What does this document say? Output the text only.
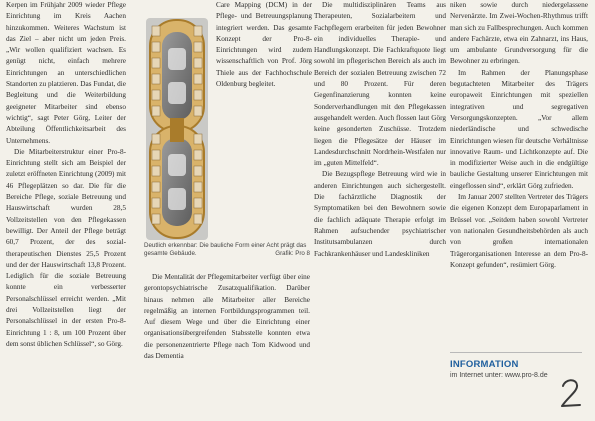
Kerpen im Frühjahr 2009 wieder Pflege Einrichtung im Kreis Aachen hinzukommen. Weiteres Wachstum ist das Ziel – aber nicht um jeden Preis. „Wir wollen qualifiziert wachsen. Es genügt nicht, einfach mehrere Einrichtungen an unterschiedlichen Standorten zu platzieren. Das Fundat, die Begleitung und die Weiterbildung geeigneter Mitarbeiter sind ebenso wichtig“, sagt Peter Görg, Leiter der Abteilung Öffentlichkeitsarbeit des Unternehmens.

Die Mitarbeiterstruktur einer Pro-8-Einrichtung stellt sich am Beispiel der zuletzt eröffneten Einrichtung (2009) mit 46 Pflegeplätzen so dar. Die für die Bereiche Pflege, soziale Betreuung und Hauswirtschaft wurden 28,5 Vollzeitstellen von den Pflegekassen bewilligt. Der Anteil der Pflege beträgt 60,7 Prozent, der des sozial-therapeutischen Dienstes 25,5 Prozent und der der Hauswirtschaft 13,8 Prozent. Lediglich für die soziale Betreuung konnte ein verbesserter Personalschlüssel erreicht werden. „Mit drei Vollzeitstellen liegt der Personalschlüssel in der ersten Pro-8-Einrichtung 1 : 8, um 100 Prozent über dem sonst üblichen Schlüssel“, so Görg.

Deutlich erkennbar: Die bauliche Form einer Acht prägt das gesamte Gebäude.	Grafik: Pro 8

Care Mapping (DCM) in der Pflege- und Betreuungsplanung integriert werden. Das gesamte Konzept der Pro-8-Einrichtungen wird zudem wissenschaftlich von Prof. Jörg Thiele aus der Fachhochschule Oldenburg begleitet.

Die Mentalität der Pflegemitarbeiter verfügt über eine gerontopsychiatrische Zusatzqualifikation. Darüber hinaus nehmen alle Mitarbeiter aller Bereiche regelmäßig an internen Fortbildungsprogrammen teil. Auf diesem Wege und über die Einrichtung einer organisationsübergreifenden Stabsstelle konnten etwa die personenzentrierte Pflege nach Tom Kidwood und das Dementia

Die multidisziplinären Teams aus Therapeuten, Sozialarbeitern und Fachpflegern erarbeiten für jeden Bewohner ein individuelles Therapie- und Handlungskonzept. Die Fachkraftquote liegt sowohl im pflegerischen Bereich als auch im Bereich der sozialen Betreuung zwischen 72 und 80 Prozent. Für deren Gegenfinanzierung konnten keine Sonderverhandlungen mit den Pflegekassen ausgehandelt werden. Auch flossen laut Görg keine gesonderten Zuschüsse. Trotzdem liegen die Pflegesätze der Häuser im Landesdurchschnitt Nordrhein-Westfalen nur im „guten Mittelfeld“.

Die Bezugspflege Betreuung wird wie in anderen Einrichtungen auch sichergestellt. Die fachärztliche Diagnostik der Symptomatiken bei den Bewohnern sowie die fachlich adäquate Therapie erfolgt im Rahmen aufsuchender psychiatrischer Institutsambulanzen durch Fachkrankenhäuser und Landeskliniken

niken sowie durch niedergelassene Nervenärzte. Im Zwei-Wochen-Rhythmus trifft man sich zu Fallbesprechungen. Auch kommen andere Fachärzte, etwa ein Zahnarzt, ins Haus, um ambulante Grundversorgung für die Bewohner zu erbringen.

Im Rahmen der Planungsphase begutachteten Mitarbeiter des Trägers europaweit Einrichtungen mit speziellen integrativen und segregativen Versorgungskonzepten. „Vor allem niederländische und schwedische Einrichtungen wiesen für deutsche Verhältnisse innovative Raum- und Lichtkonzepte auf. Die in modifizierter Weise auch in die endgültige bauliche Gestaltung unserer Einrichtungen mit eingeflossen sind“, erklärt Görg zufrieden.

Im Januar 2007 stellten Vertreter des Trägers die eigenen Konzept dem Europaparlament in Brüssel vor. „Seitdem haben sowohl Vertreter von nationalen Gesundheitsbehörden als auch von großen internationalen Trägerorganisationen Interesse an dem Pro-8-Konzept gefunden“, resümiert Görg.

INFORMATION
im Internet unter: www.pro-8.de
